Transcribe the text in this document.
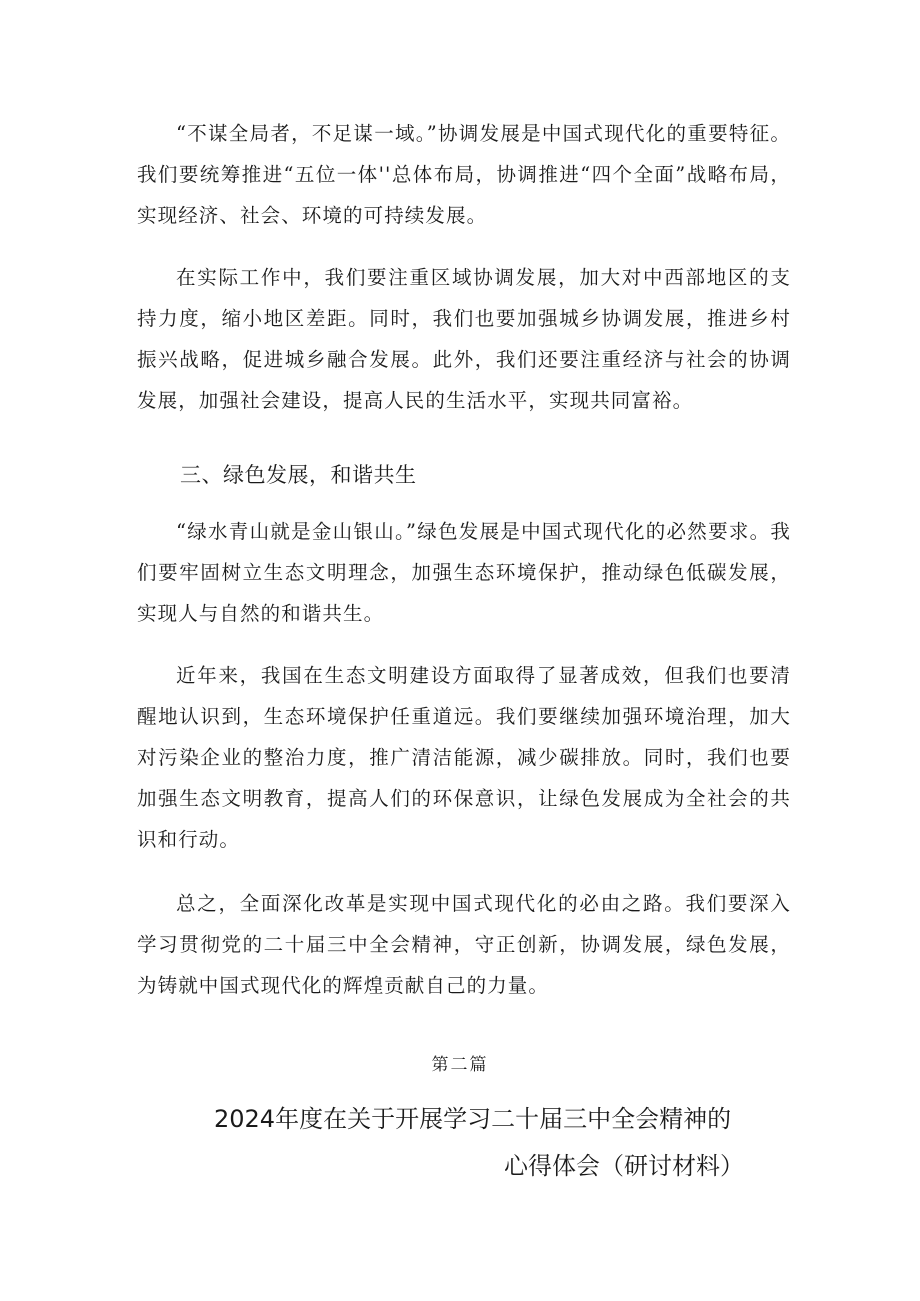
“不谋全局者，不足谋一域。”协调发展是中国式现代化的重要特征。我们要统筹推进“五位一体''总体布局，协调推进“四个全面”战略布局，实现经济、社会、环境的可持续发展。

在实际工作中，我们要注重区域协调发展，加大对中西部地区的支持力度，缩小地区差距。同时，我们也要加强城乡协调发展，推进乡村振兴战略，促进城乡融合发展。此外，我们还要注重经济与社会的协调发展，加强社会建设，提高人民的生活水平，实现共同富裕。

三、绿色发展，和谐共生

“绿水青山就是金山银山。”绿色发展是中国式现代化的必然要求。我们要牢固树立生态文明理念，加强生态环境保护，推动绿色低碳发展，实现人与自然的和谐共生。

近年来，我国在生态文明建设方面取得了显著成效，但我们也要清醒地认识到，生态环境保护任重道远。我们要继续加强环境治理，加大对污染企业的整治力度，推广清洁能源，减少碳排放。同时，我们也要加强生态文明教育，提高人们的环保意识，让绿色发展成为全社会的共识和行动。

总之，全面深化改革是实现中国式现代化的必由之路。我们要深入学习贯彻党的二十届三中全会精神，守正创新，协调发展，绿色发展，为铸就中国式现代化的辉煌贡献自己的力量。

第二篇

2024年度在关于开展学习二十届三中全会精神的
心得体会（研讨材料）
